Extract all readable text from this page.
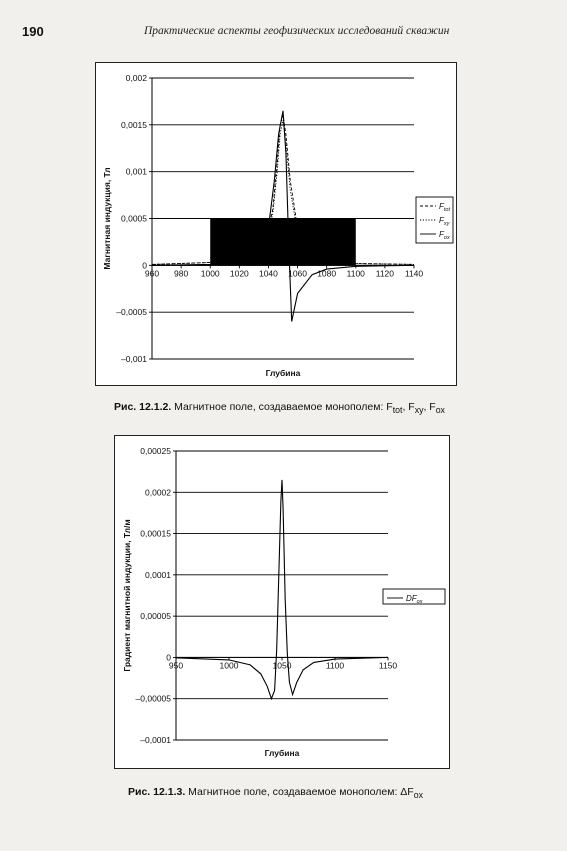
190	Практические аспекты геофизических исследований скважин
0,002
0,0015
0,001
0,0005
0
–0,0005
–0,001
960 980 1000 1020 1040 1060 1080 1100 1120 1140
Глубина
Магнитная индукция, Тл	$F_{tot}$
$F_{xy}$
$F_{ox}$
Рис. 12.1.2. Магнитное поле, создаваемое монополем: $F_{tot}$, $F_{xy}$, $F_{ox}$
0,00025
0,0002
0,00015
0,0001
0,00005
0
–0,00005
–0,0001
950	1000	1050	1100	1150
Глубина
Градиент магнитной индукции, Тл/м	$DF_{ox}$
Рис. 12.1.3. Магнитное поле, создаваемое монополем: $\Delta F_{ox}$
